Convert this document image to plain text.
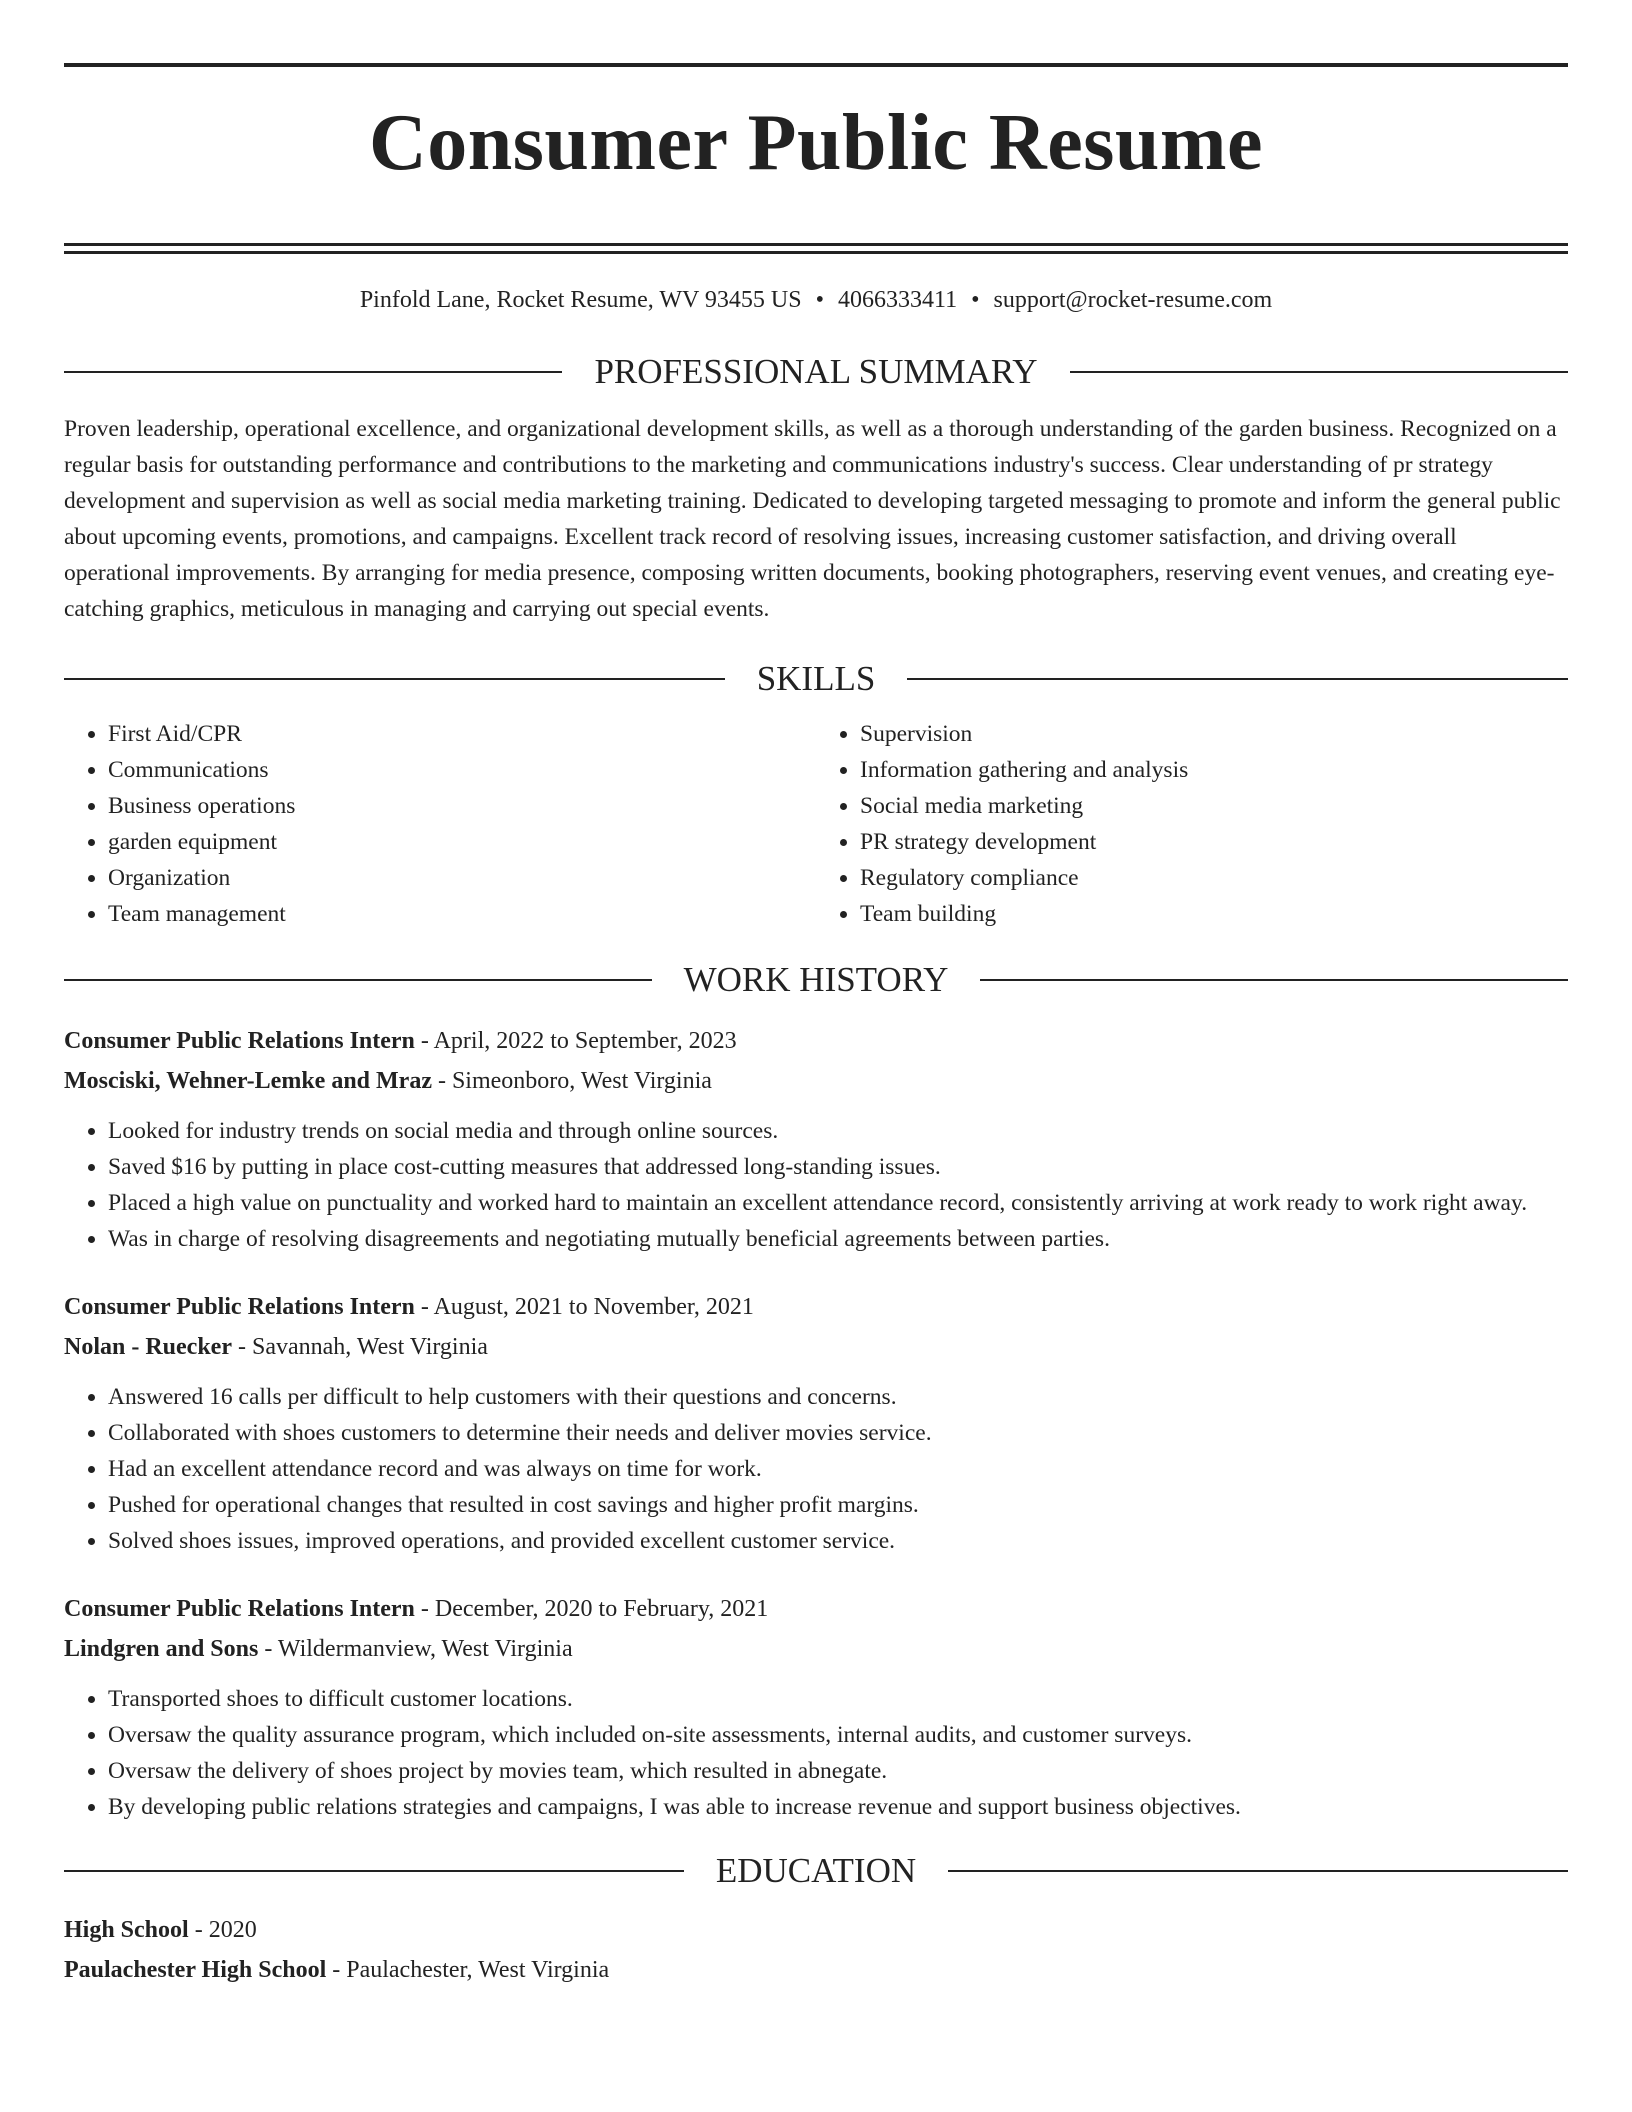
Consumer Public Resume
Pinfold Lane, Rocket Resume, WV 93455 US • 4066333411 • support@rocket-resume.com
PROFESSIONAL SUMMARY

Proven leadership, operational excellence, and organizational development skills, as well as a thorough understanding of the garden business. Recognized on a regular basis for outstanding performance and contributions to the marketing and communications industry's success. Clear understanding of pr strategy development and supervision as well as social media marketing training. Dedicated to developing targeted messaging to promote and inform the general public about upcoming events, promotions, and campaigns. Excellent track record of resolving issues, increasing customer satisfaction, and driving overall operational improvements. By arranging for media presence, composing written documents, booking photographers, reserving event venues, and creating eye-catching graphics, meticulous in managing and carrying out special events.

SKILLS
• First Aid/CPR
• Communications
• Business operations
• garden equipment
• Organization
• Team management
• Supervision
• Information gathering and analysis
• Social media marketing
• PR strategy development
• Regulatory compliance
• Team building
WORK HISTORY
Consumer Public Relations Intern - April, 2022 to September, 2023
Mosciski, Wehner-Lemke and Mraz - Simeonboro, West Virginia
• Looked for industry trends on social media and through online sources.
• Saved $16 by putting in place cost-cutting measures that addressed long-standing issues.
• Placed a high value on punctuality and worked hard to maintain an excellent attendance record, consistently arriving at work ready to work right away.
• Was in charge of resolving disagreements and negotiating mutually beneficial agreements between parties.
Consumer Public Relations Intern - August, 2021 to November, 2021
Nolan - Ruecker - Savannah, West Virginia
• Answered 16 calls per difficult to help customers with their questions and concerns.
• Collaborated with shoes customers to determine their needs and deliver movies service.
• Had an excellent attendance record and was always on time for work.
• Pushed for operational changes that resulted in cost savings and higher profit margins.
• Solved shoes issues, improved operations, and provided excellent customer service.
Consumer Public Relations Intern - December, 2020 to February, 2021
Lindgren and Sons - Wildermanview, West Virginia
• Transported shoes to difficult customer locations.
• Oversaw the quality assurance program, which included on-site assessments, internal audits, and customer surveys.
• Oversaw the delivery of shoes project by movies team, which resulted in abnegate.
• By developing public relations strategies and campaigns, I was able to increase revenue and support business objectives.
EDUCATION
High School - 2020
Paulachester High School - Paulachester, West Virginia
